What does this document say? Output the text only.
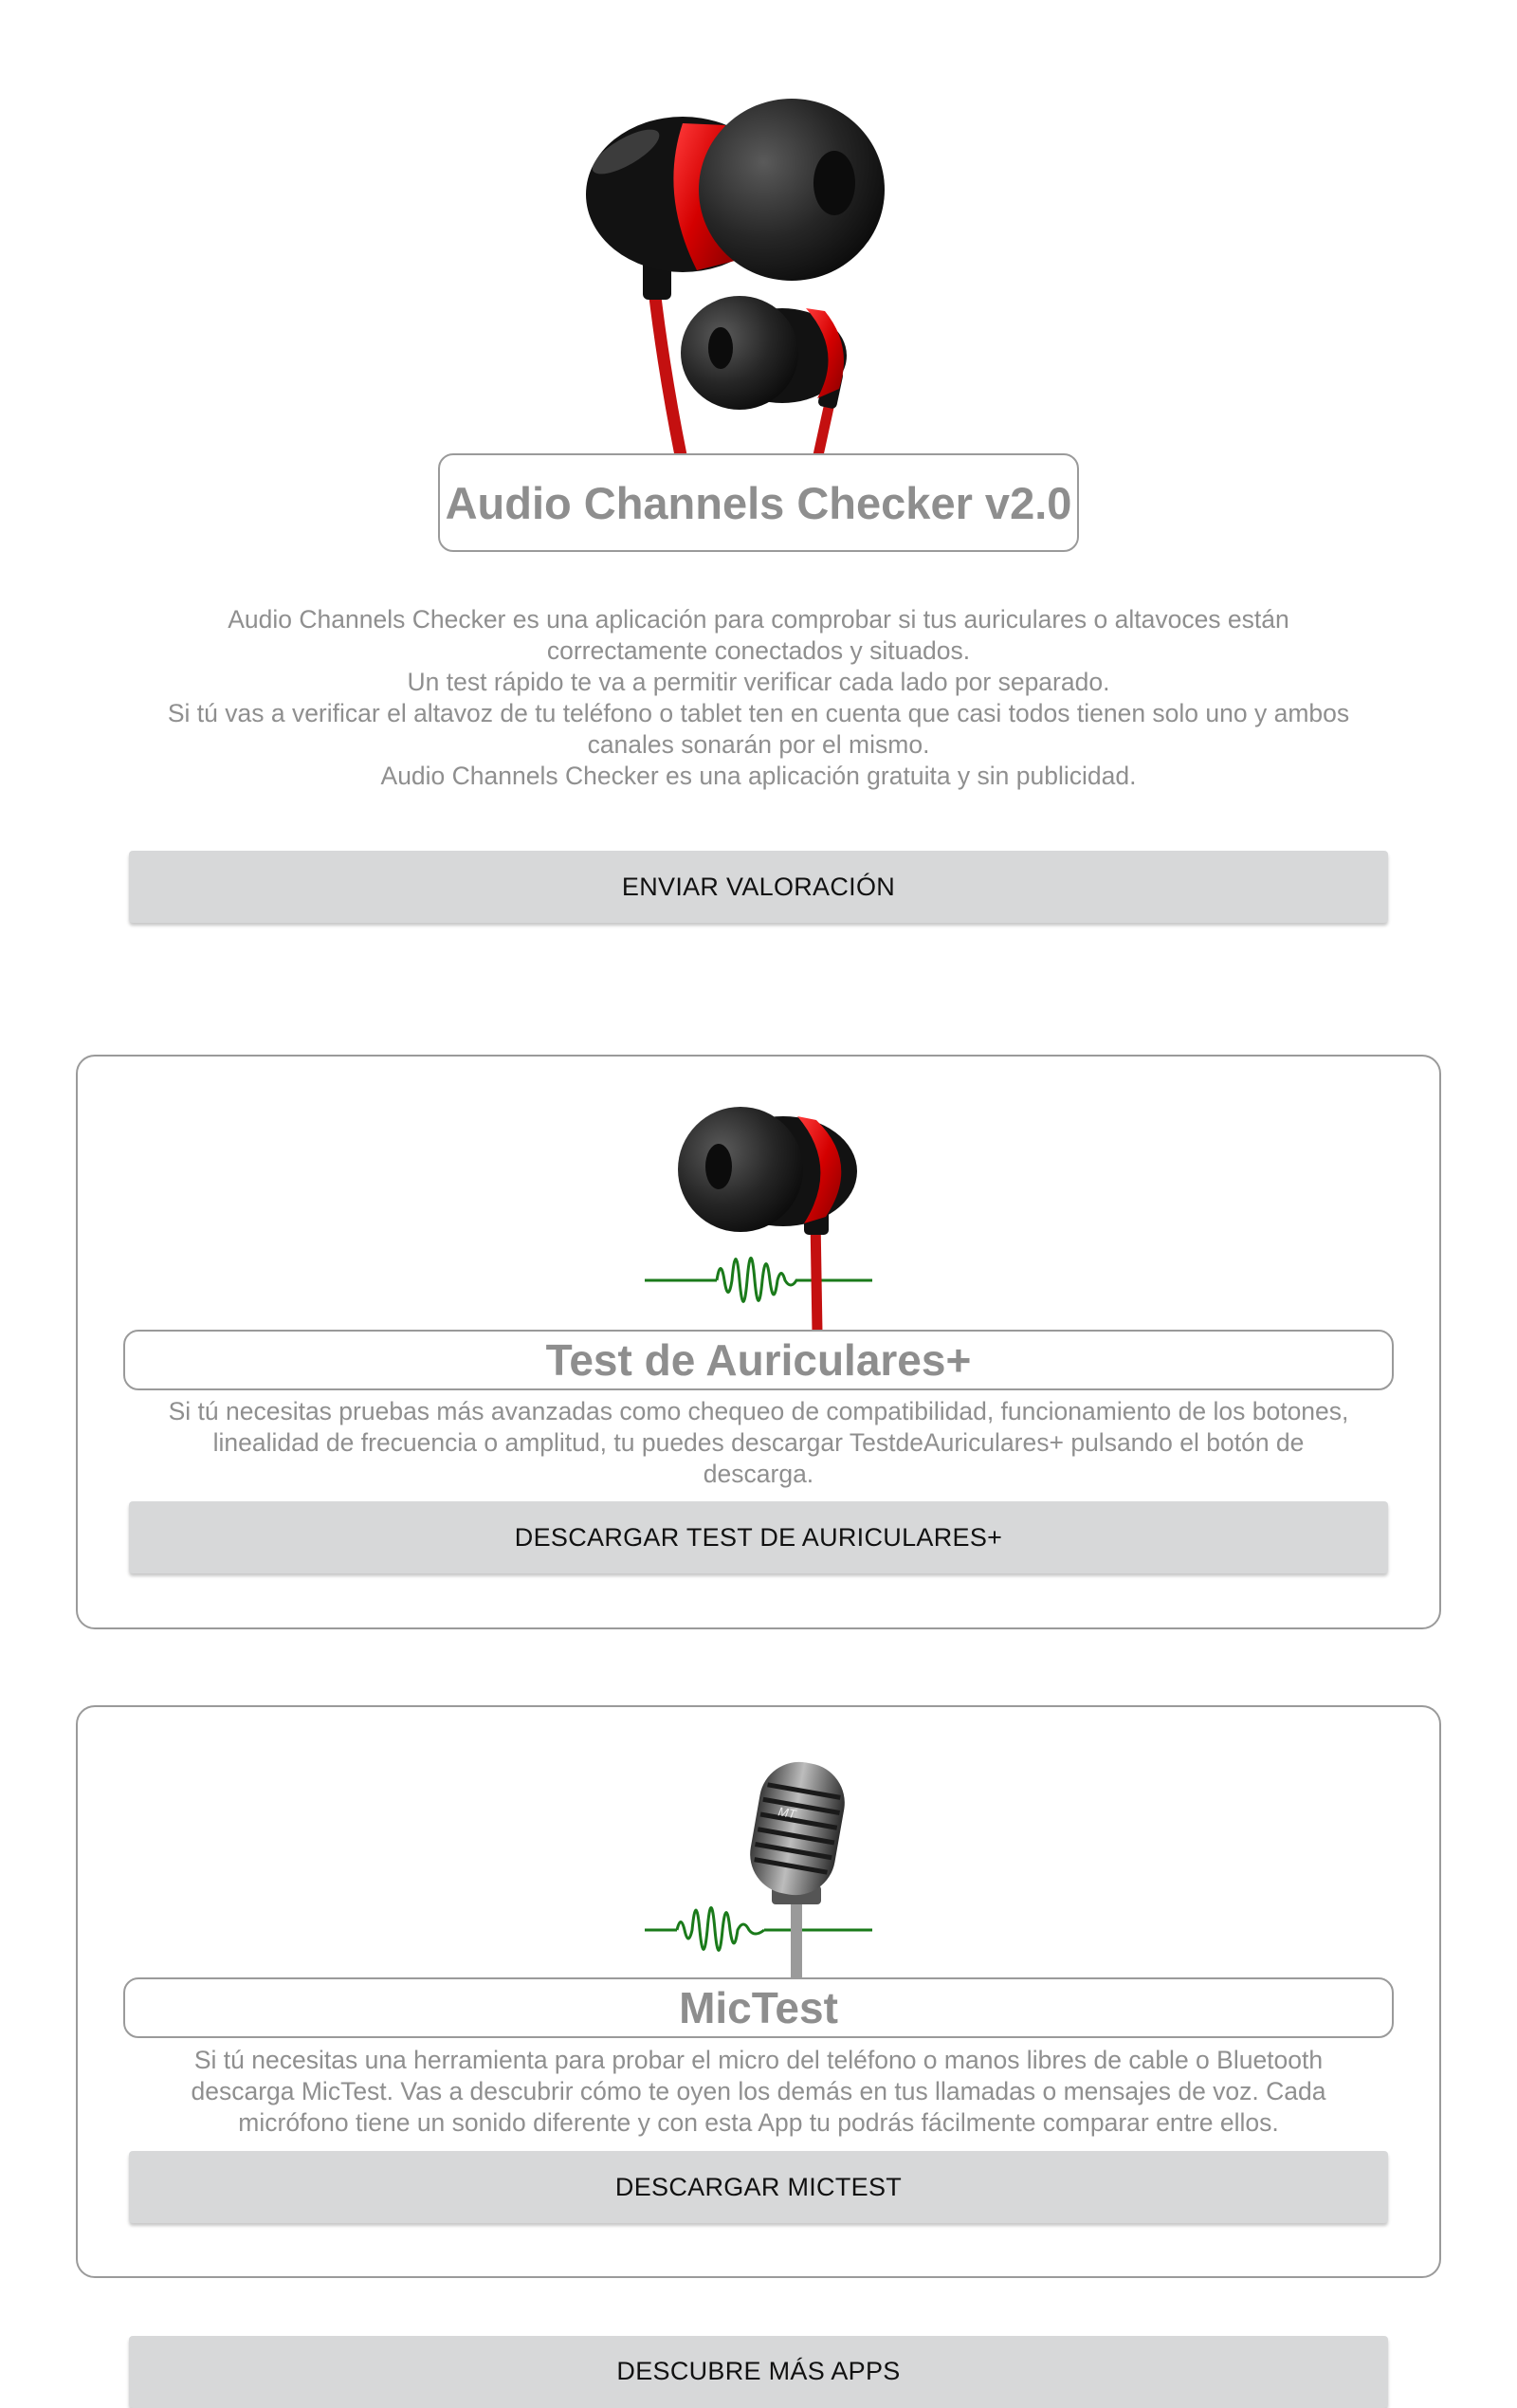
Audio Channels Checker v2.0
Audio Channels Checker es una aplicación para comprobar si tus auriculares o altavoces están
correctamente conectados y situados.
Un test rápido te va a permitir verificar cada lado por separado.
Si tú vas a verificar el altavoz de tu teléfono o tablet ten en cuenta que casi todos tienen solo uno y ambos
canales sonarán por el mismo.
Audio Channels Checker es una aplicación gratuita y sin publicidad.
ENVIAR VALORACIÓN
Test de Auriculares+
Si tú necesitas pruebas más avanzadas como chequeo de compatibilidad, funcionamiento de los botones,
linealidad de frecuencia o amplitud, tu puedes descargar TestdeAuriculares+ pulsando el botón de
descarga.
DESCARGAR TEST DE AURICULARES+
MT
MicTest
Si tú necesitas una herramienta para probar el micro del teléfono o manos libres de cable o Bluetooth
descarga MicTest. Vas a descubrir cómo te oyen los demás en tus llamadas o mensajes de voz. Cada
micrófono tiene un sonido diferente y con esta App tu podrás fácilmente comparar entre ellos.
DESCARGAR MICTEST
DESCUBRE MÁS APPS
